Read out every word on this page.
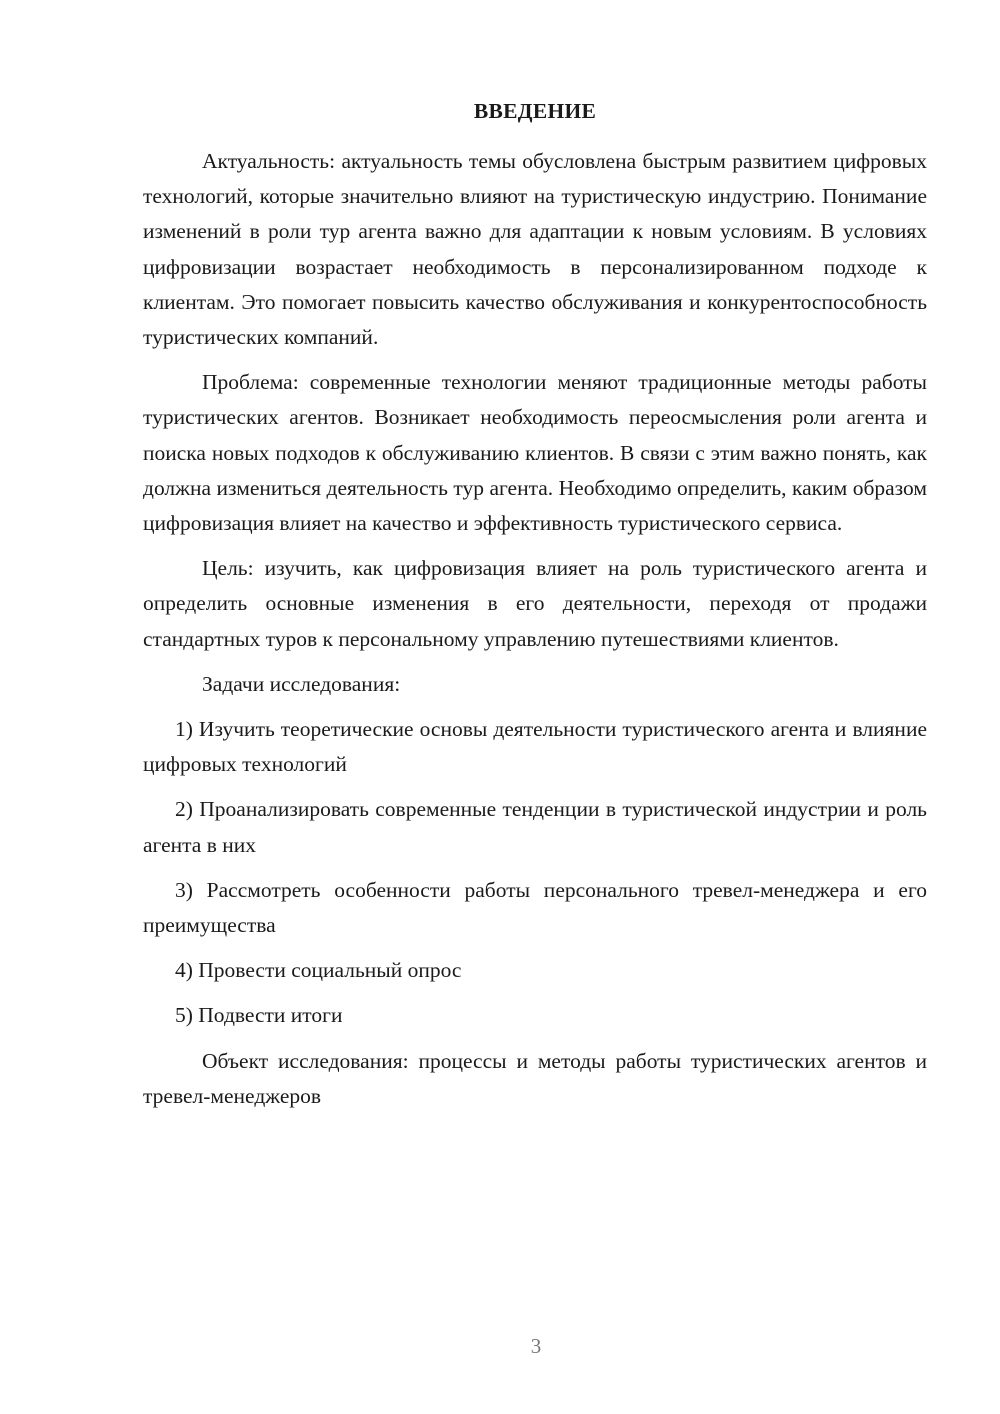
ВВЕДЕНИЕ

Актуальность: актуальность темы обусловлена быстрым развитием цифровых технологий, которые значительно влияют на туристическую индустрию. Понимание изменений в роли тур агента важно для адаптации к новым условиям. В условиях цифровизации возрастает необходимость в персонализированном подходе к клиентам. Это помогает повысить качество обслуживания и конкурентоспособность туристических компаний.

Проблема: современные технологии меняют традиционные методы работы туристических агентов. Возникает необходимость переосмысления роли агента и поиска новых подходов к обслуживанию клиентов. В связи с этим важно понять, как должна измениться деятельность тур агента. Необходимо определить, каким образом цифровизация влияет на качество и эффективность туристического сервиса.

Цель: изучить, как цифровизация влияет на роль туристического агента и определить основные изменения в его деятельности, переходя от продажи стандартных туров к персональному управлению путешествиями клиентов.

Задачи исследования:

1) Изучить теоретические основы деятельности туристического агента и влияние цифровых технологий

2) Проанализировать современные тенденции в туристической индустрии и роль агента в них

3) Рассмотреть особенности работы персонального тревел-менеджера и его преимущества

4) Провести социальный опрос

5) Подвести итоги

Объект исследования: процессы и методы работы туристических агентов и тревел-менеджеров

3
